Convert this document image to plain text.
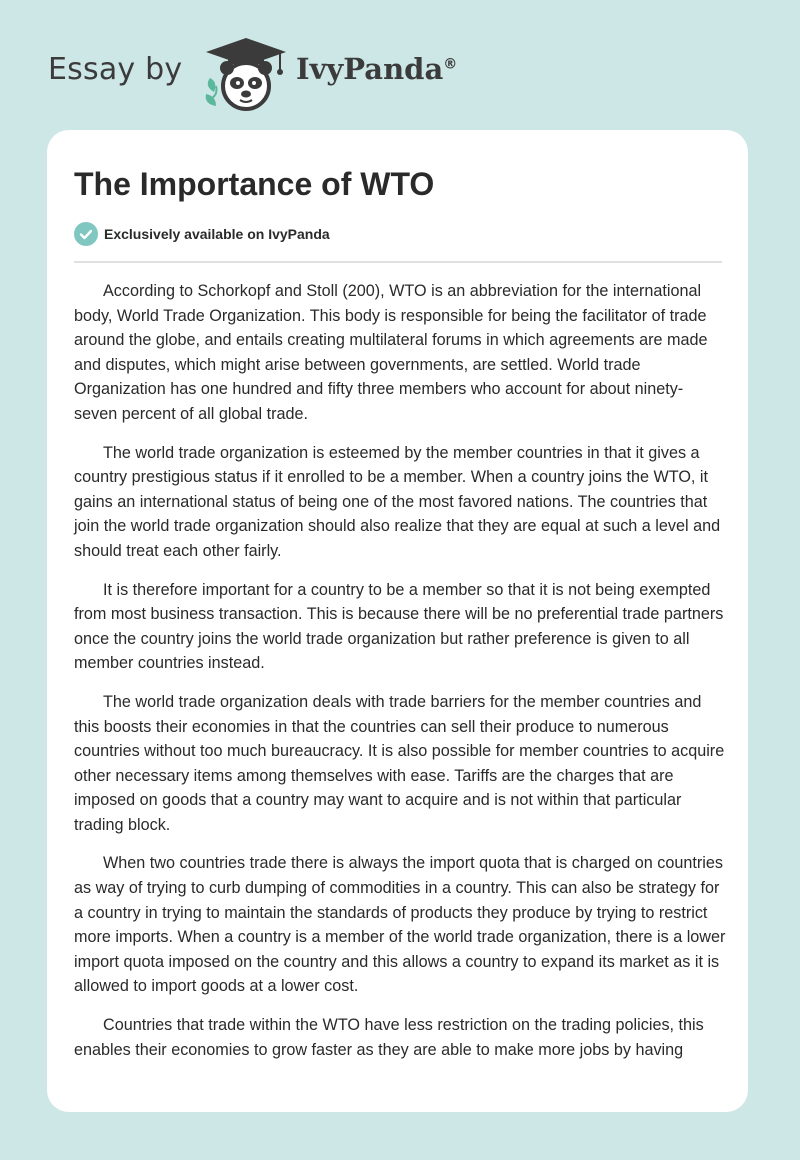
Essay by	IvyPanda®
The Importance of WTO
Exclusively available on IvyPanda

According to Schorkopf and Stoll (200), WTO is an abbreviation for the international body, World Trade Organization. This body is responsible for being the facilitator of trade around the globe, and entails creating multilateral forums in which agreements are made and disputes, which might arise between governments, are settled. World trade Organization has one hundred and fifty three members who account for about ninety-seven percent of all global trade.

The world trade organization is esteemed by the member countries in that it gives a country prestigious status if it enrolled to be a member. When a country joins the WTO, it gains an international status of being one of the most favored nations. The countries that join the world trade organization should also realize that they are equal at such a level and should treat each other fairly.

It is therefore important for a country to be a member so that it is not being exempted from most business transaction. This is because there will be no preferential trade partners once the country joins the world trade organization but rather preference is given to all member countries instead.

The world trade organization deals with trade barriers for the member countries and this boosts their economies in that the countries can sell their produce to numerous countries without too much bureaucracy. It is also possible for member countries to acquire other necessary items among themselves with ease. Tariffs are the charges that are imposed on goods that a country may want to acquire and is not within that particular trading block.

When two countries trade there is always the import quota that is charged on countries as way of trying to curb dumping of commodities in a country. This can also be strategy for a country in trying to maintain the standards of products they produce by trying to restrict more imports. When a country is a member of the world trade organization, there is a lower import quota imposed on the country and this allows a country to expand its market as it is allowed to import goods at a lower cost.

Countries that trade within the WTO have less restriction on the trading policies, this enables their economies to grow faster as they are able to make more jobs by having
